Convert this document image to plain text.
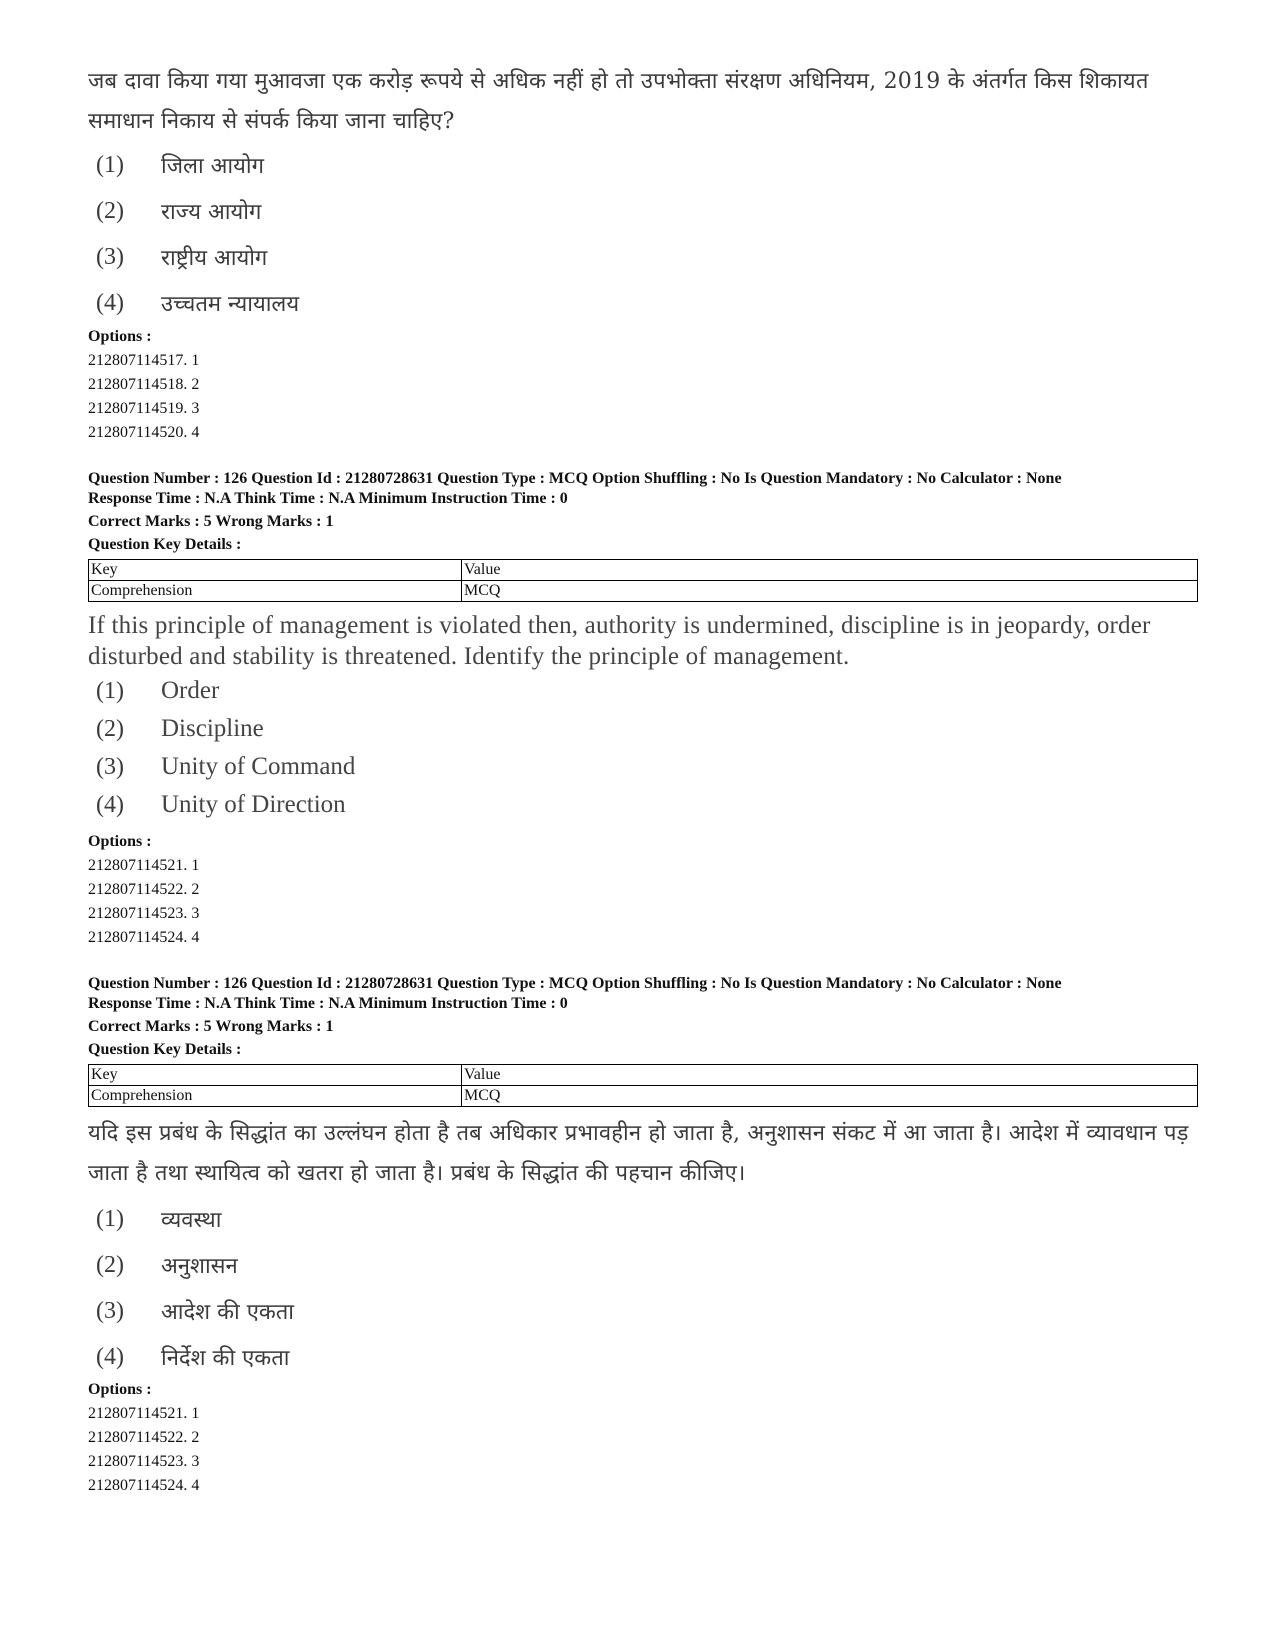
जब दावा किया गया मुआवजा एक करोड़ रूपये से अधिक नहीं हो तो उपभोक्ता संरक्षण अधिनियम, 2019 के अंतर्गत किस शिकायत समाधान निकाय से संपर्क किया जाना चाहिए?

(1)	जिला आयोग
(2)	राज्य आयोग
(3)	राष्ट्रीय आयोग
(4)	उच्चतम न्यायालय

Options :

212807114517. 1

212807114518. 2

212807114519. 3

212807114520. 4

Question Number : 126 Question Id : 21280728631 Question Type : MCQ Option Shuffling : No Is Question Mandatory : No Calculator : None

Response Time : N.A Think Time : N.A Minimum Instruction Time : 0

Correct Marks : 5 Wrong Marks : 1

Question Key Details :

Key	Value
Comprehension	MCQ

If this principle of management is violated then, authority is undermined, discipline is in jeopardy, order disturbed and stability is threatened. Identify the principle of management.

(1)	Order
(2)	Discipline
(3)	Unity of Command
(4)	Unity of Direction

Options :

212807114521. 1

212807114522. 2

212807114523. 3

212807114524. 4

Question Number : 126 Question Id : 21280728631 Question Type : MCQ Option Shuffling : No Is Question Mandatory : No Calculator : None

Response Time : N.A Think Time : N.A Minimum Instruction Time : 0

Correct Marks : 5 Wrong Marks : 1

Question Key Details :

Key	Value
Comprehension	MCQ

यदि इस प्रबंध के सिद्धांत का उल्लंघन होता है तब अधिकार प्रभावहीन हो जाता है, अनुशासन संकट में आ जाता है। आदेश में व्यावधान पड़ जाता है तथा स्थायित्व को खतरा हो जाता है। प्रबंध के सिद्धांत की पहचान कीजिए।

(1)	व्यवस्था
(2)	अनुशासन
(3)	आदेश की एकता
(4)	निर्देश की एकता

Options :

212807114521. 1

212807114522. 2

212807114523. 3

212807114524. 4
